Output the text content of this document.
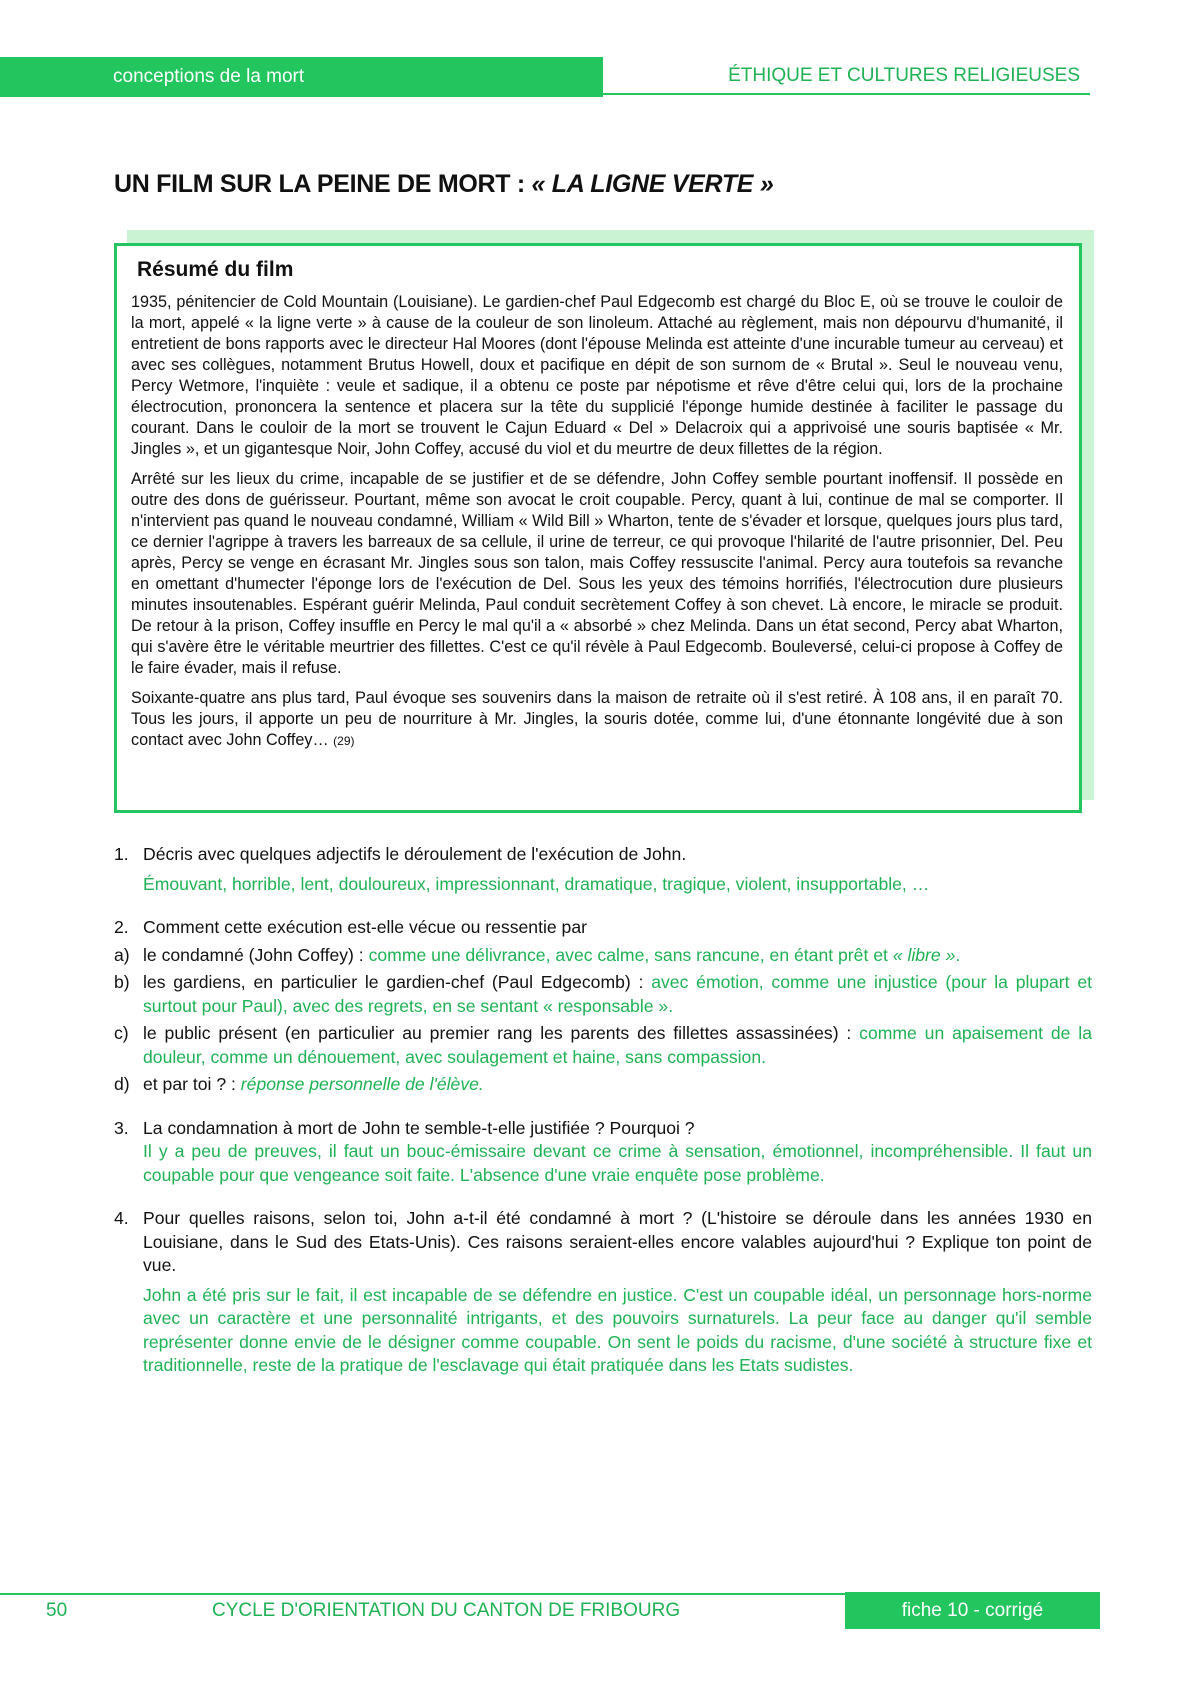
conceptions de la mort	ÉTHIQUE ET CULTURES RELIGIEUSES
UN FILM SUR LA PEINE DE MORT : « LA LIGNE VERTE »
Résumé du film

1935, pénitencier de Cold Mountain (Louisiane). Le gardien-chef Paul Edgecomb est chargé du Bloc E, où se trouve le couloir de la mort, appelé « la ligne verte » à cause de la couleur de son linoleum. Attaché au règlement, mais non dépourvu d'humanité, il entretient de bons rapports avec le directeur Hal Moores (dont l'épouse Melinda est atteinte d'une incurable tumeur au cerveau) et avec ses collègues, notamment Brutus Howell, doux et pacifique en dépit de son surnom de « Brutal ». Seul le nouveau venu, Percy Wetmore, l'inquiète : veule et sadique, il a obtenu ce poste par népotisme et rêve d'être celui qui, lors de la prochaine électrocution, prononcera la sentence et placera sur la tête du supplicié l'éponge humide destinée à faciliter le passage du courant. Dans le couloir de la mort se trouvent le Cajun Eduard « Del » Delacroix qui a apprivoisé une souris baptisée « Mr. Jingles », et un gigantesque Noir, John Coffey, accusé du viol et du meurtre de deux fillettes de la région.

Arrêté sur les lieux du crime, incapable de se justifier et de se défendre, John Coffey semble pourtant inoffensif. Il possède en outre des dons de guérisseur. Pourtant, même son avocat le croit coupable. Percy, quant à lui, continue de mal se comporter. Il n'intervient pas quand le nouveau condamné, William « Wild Bill » Wharton, tente de s'évader et lorsque, quelques jours plus tard, ce dernier l'agrippe à travers les barreaux de sa cellule, il urine de terreur, ce qui provoque l'hilarité de l'autre prisonnier, Del. Peu après, Percy se venge en écrasant Mr. Jingles sous son talon, mais Coffey ressuscite l'animal. Percy aura toutefois sa revanche en omettant d'humecter l'éponge lors de l'exécution de Del. Sous les yeux des témoins horrifiés, l'électrocution dure plusieurs minutes insoutenables. Espérant guérir Melinda, Paul conduit secrètement Coffey à son chevet. Là encore, le miracle se produit. De retour à la prison, Coffey insuffle en Percy le mal qu'il a « absorbé » chez Melinda. Dans un état second, Percy abat Wharton, qui s'avère être le véritable meurtrier des fillettes. C'est ce qu'il révèle à Paul Edgecomb. Bouleversé, celui-ci propose à Coffey de le faire évader, mais il refuse.

Soixante-quatre ans plus tard, Paul évoque ses souvenirs dans la maison de retraite où il s'est retiré. À 108 ans, il en paraît 70. Tous les jours, il apporte un peu de nourriture à Mr. Jingles, la souris dotée, comme lui, d'une étonnante longévité due à son contact avec John Coffey… (29)

1. Décris avec quelques adjectifs le déroulement de l'exécution de John.
Émouvant, horrible, lent, douloureux, impressionnant, dramatique, tragique, violent, insupportable, …
2. Comment cette exécution est-elle vécue ou ressentie par
a) le condamné (John Coffey) : comme une délivrance, avec calme, sans rancune, en étant prêt et « libre ».
b) les gardiens, en particulier le gardien-chef (Paul Edgecomb) : avec émotion, comme une injustice (pour la plupart et surtout pour Paul), avec des regrets, en se sentant « responsable ».
c) le public présent (en particulier au premier rang les parents des fillettes assassinées) : comme un apaisement de la douleur, comme un dénouement, avec soulagement et haine, sans compassion.
d) et par toi ? : réponse personnelle de l'élève.
3. La condamnation à mort de John te semble-t-elle justifiée ? Pourquoi ?
Il y a peu de preuves, il faut un bouc-émissaire devant ce crime à sensation, émotionnel, incompréhensible. Il faut un coupable pour que vengeance soit faite. L'absence d'une vraie enquête pose problème.
4. Pour quelles raisons, selon toi, John a-t-il été condamné à mort ? (L'histoire se déroule dans les années 1930 en Louisiane, dans le Sud des Etats-Unis). Ces raisons seraient-elles encore valables aujourd'hui ? Explique ton point de vue.
John a été pris sur le fait, il est incapable de se défendre en justice. C'est un coupable idéal, un personnage hors-norme avec un caractère et une personnalité intrigants, et des pouvoirs surnaturels. La peur face au danger qu'il semble représenter donne envie de le désigner comme coupable. On sent le poids du racisme, d'une société à structure fixe et traditionnelle, reste de la pratique de l'esclavage qui était pratiquée dans les Etats sudistes.
50	CYCLE D'ORIENTATION DU CANTON DE FRIBOURG	fiche 10 - corrigé
